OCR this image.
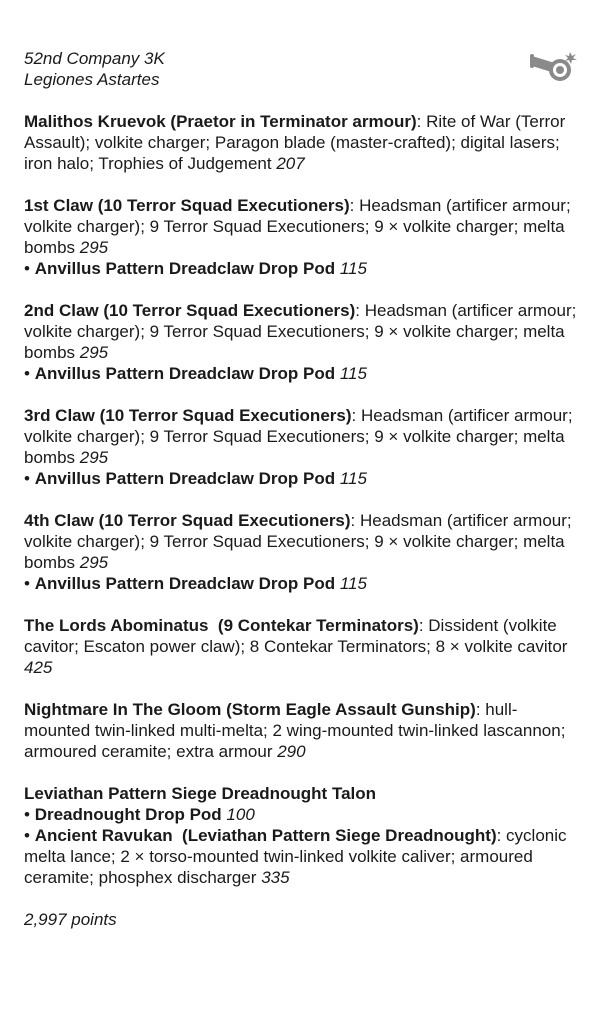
52nd Company 3K
Legiones Astartes
Malithos Kruevok (Praetor in Terminator armour): Rite of War (Terror Assault); volkite charger; Paragon blade (master-crafted); digital lasers; iron halo; Trophies of Judgement 207
1st Claw (10 Terror Squad Executioners): Headsman (artificer armour; volkite charger); 9 Terror Squad Executioners; 9 × volkite charger; melta bombs 295
• Anvillus Pattern Dreadclaw Drop Pod 115
2nd Claw (10 Terror Squad Executioners): Headsman (artificer armour; volkite charger); 9 Terror Squad Executioners; 9 × volkite charger; melta bombs 295
• Anvillus Pattern Dreadclaw Drop Pod 115
3rd Claw (10 Terror Squad Executioners): Headsman (artificer armour; volkite charger); 9 Terror Squad Executioners; 9 × volkite charger; melta bombs 295
• Anvillus Pattern Dreadclaw Drop Pod 115
4th Claw (10 Terror Squad Executioners): Headsman (artificer armour; volkite charger); 9 Terror Squad Executioners; 9 × volkite charger; melta bombs 295
• Anvillus Pattern Dreadclaw Drop Pod 115
The Lords Abominatus  (9 Contekar Terminators): Dissident (volkite cavitor; Escaton power claw); 8 Contekar Terminators; 8 × volkite cavitor 425
Nightmare In The Gloom (Storm Eagle Assault Gunship): hull-mounted twin-linked multi-melta; 2 wing-mounted twin-linked lascannon; armoured ceramite; extra armour 290
Leviathan Pattern Siege Dreadnought Talon
• Dreadnought Drop Pod 100
• Ancient Ravukan  (Leviathan Pattern Siege Dreadnought): cyclonic melta lance; 2 × torso-mounted twin-linked volkite caliver; armoured ceramite; phosphex discharger 335
2,997 points
